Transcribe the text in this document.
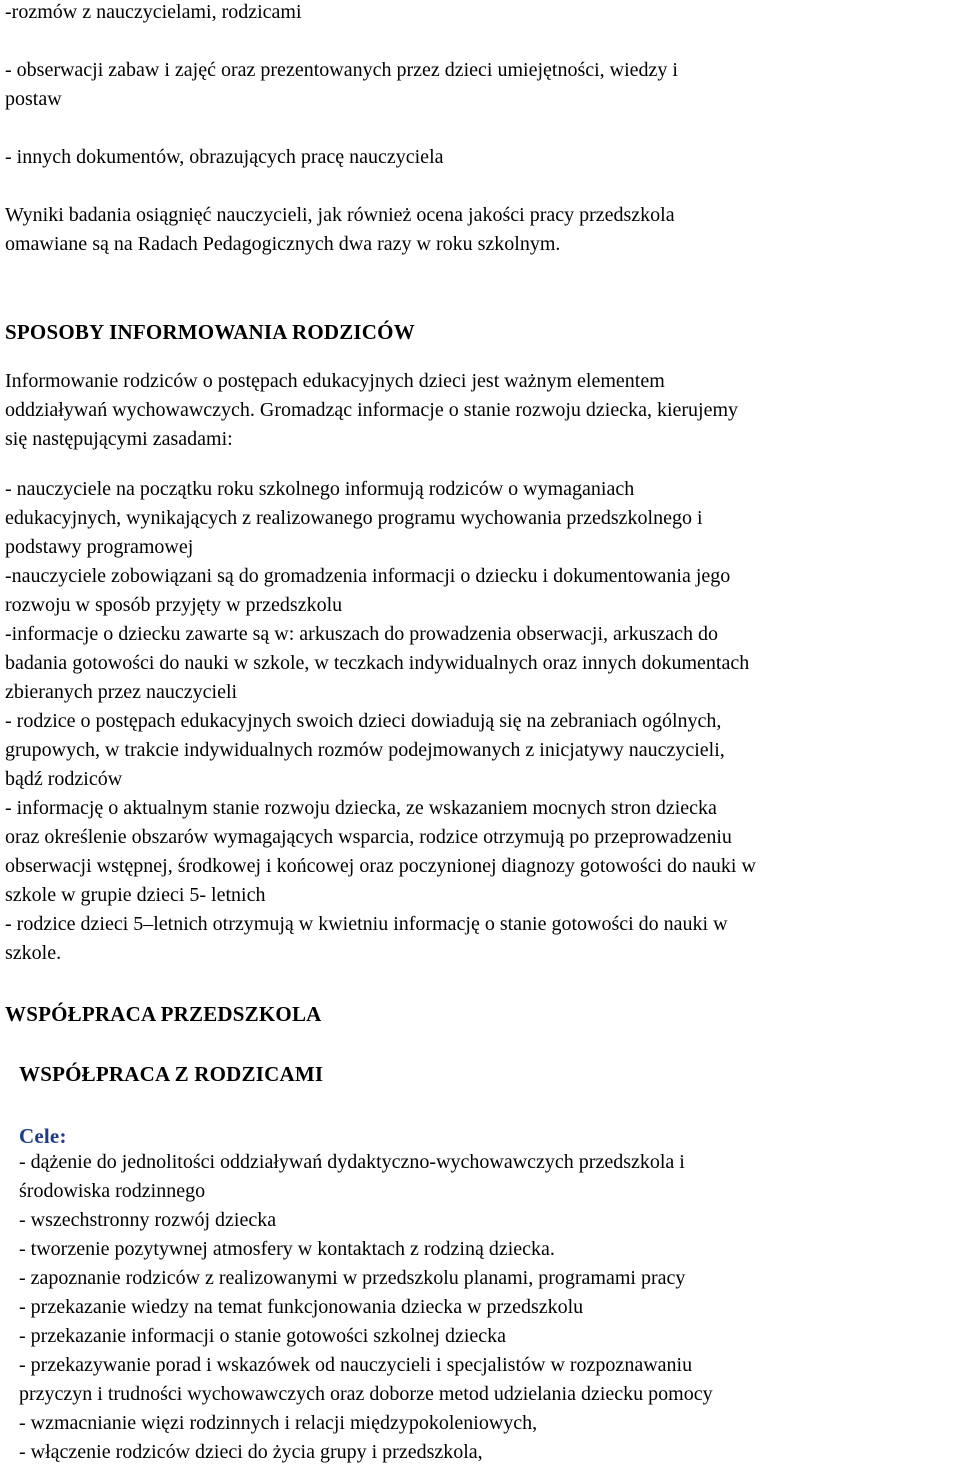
-rozmów z nauczycielami, rodzicami
- obserwacji zabaw i zajęć oraz prezentowanych przez dzieci umiejętności, wiedzy i
postaw
- innych dokumentów, obrazujących pracę nauczyciela
Wyniki badania osiągnięć nauczycieli, jak również ocena jakości pracy przedszkola
omawiane są na Radach Pedagogicznych dwa razy w roku szkolnym.
SPOSOBY INFORMOWANIA RODZICÓW
Informowanie rodziców o postępach edukacyjnych dzieci jest ważnym elementem
oddziaływań wychowawczych. Gromadząc informacje o stanie rozwoju dziecka, kierujemy
się następującymi zasadami:
- nauczyciele na początku roku szkolnego informują rodziców o wymaganiach
edukacyjnych, wynikających z realizowanego programu wychowania przedszkolnego i
podstawy programowej
-nauczyciele zobowiązani są do gromadzenia informacji o dziecku i dokumentowania jego
rozwoju w sposób przyjęty w przedszkolu
-informacje o dziecku zawarte są w: arkuszach do prowadzenia obserwacji, arkuszach do
badania gotowości do nauki w szkole, w teczkach indywidualnych oraz innych dokumentach
zbieranych przez nauczycieli
- rodzice o postępach edukacyjnych swoich dzieci dowiadują się na zebraniach ogólnych,
grupowych, w trakcie indywidualnych rozmów podejmowanych z inicjatywy nauczycieli,
bądź rodziców
- informację o aktualnym stanie rozwoju dziecka, ze wskazaniem mocnych stron dziecka
oraz określenie obszarów wymagających wsparcia, rodzice otrzymują po przeprowadzeniu
obserwacji wstępnej, środkowej i końcowej oraz poczynionej diagnozy gotowości do nauki w
szkole w grupie dzieci 5- letnich
- rodzice dzieci 5–letnich otrzymują w kwietniu informację o stanie gotowości do nauki w
szkole.
WSPÓŁPRACA PRZEDSZKOLA
WSPÓŁPRACA Z RODZICAMI
Cele:
- dążenie do jednolitości oddziaływań dydaktyczno-wychowawczych przedszkola i
środowiska rodzinnego
- wszechstronny rozwój dziecka
- tworzenie pozytywnej atmosfery w kontaktach z rodziną dziecka.
- zapoznanie rodziców z realizowanymi w przedszkolu planami, programami pracy
- przekazanie wiedzy na temat funkcjonowania dziecka w przedszkolu
- przekazanie informacji o stanie gotowości szkolnej dziecka
- przekazywanie porad i wskazówek od nauczycieli i specjalistów w rozpoznawaniu
przyczyn i trudności wychowawczych oraz doborze metod udzielania dziecku pomocy
- wzmacnianie więzi rodzinnych i relacji międzypokoleniowych,
- włączenie rodziców dzieci do życia grupy i przedszkola,
